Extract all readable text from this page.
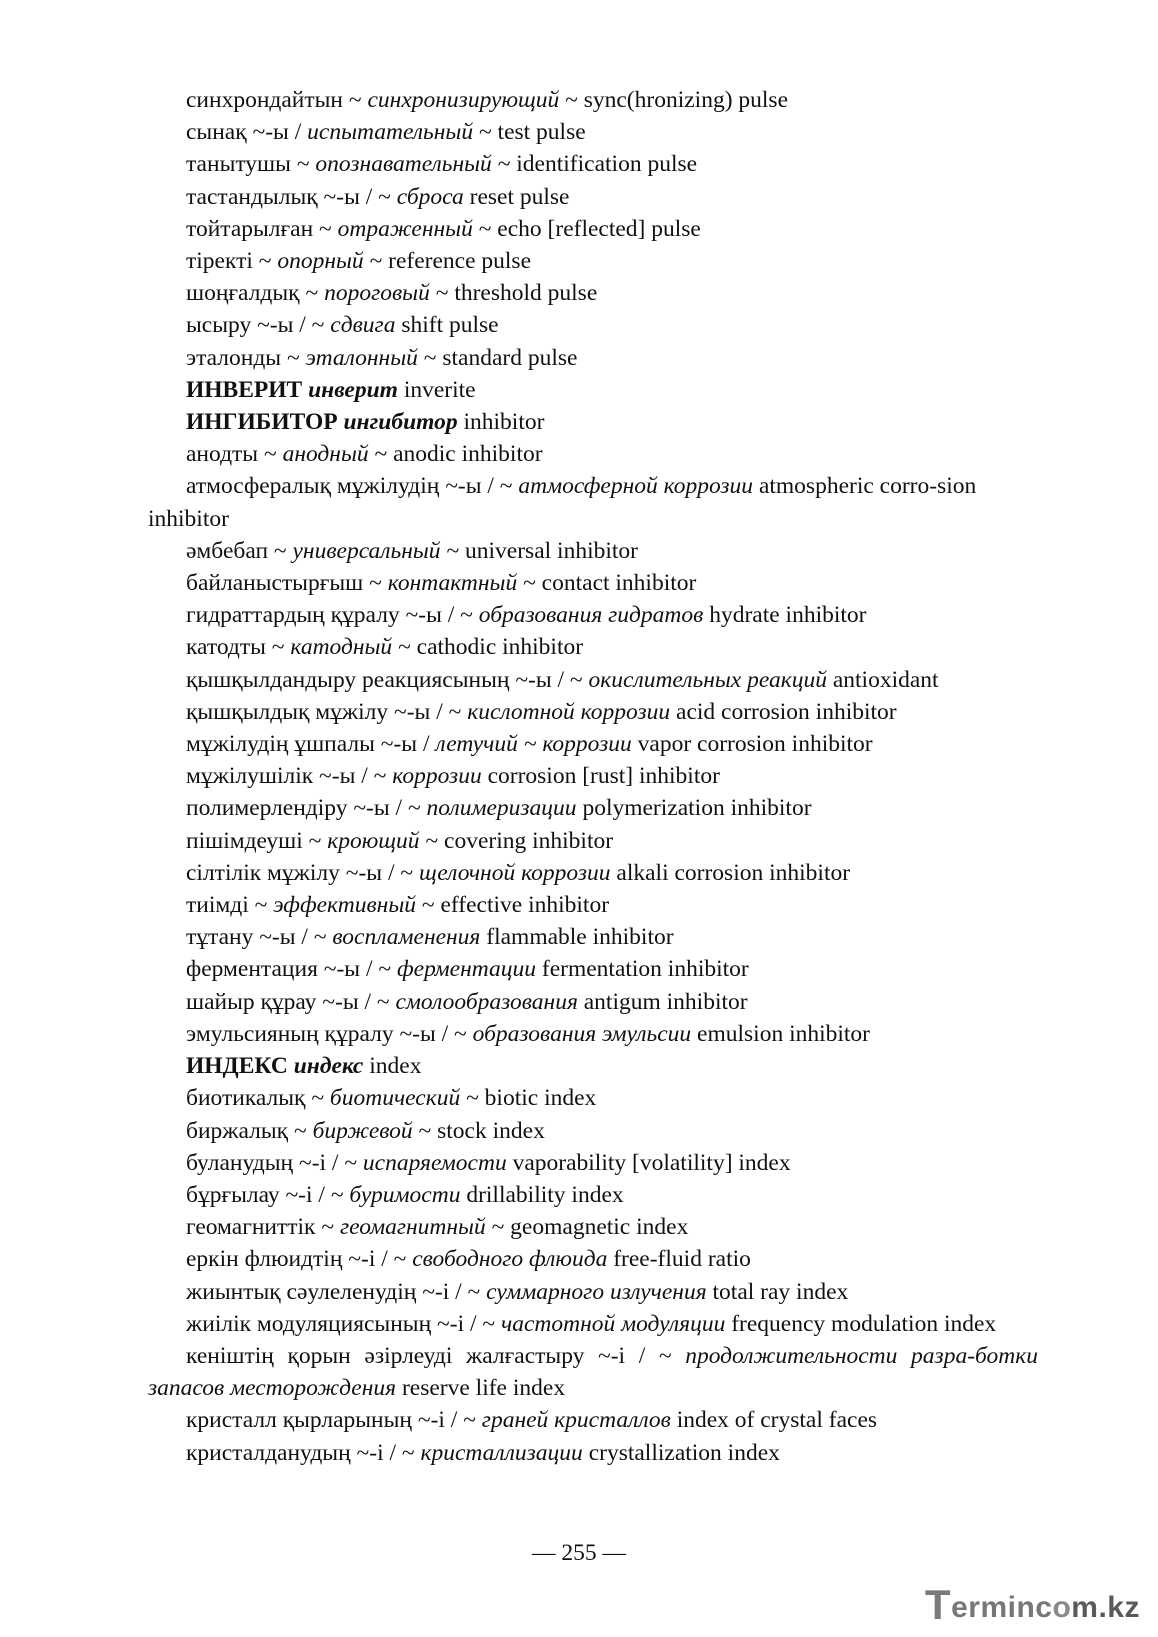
синхрондайтын ~ синхронизирующий ~ sync(hronizing) pulse

сынақ ~-ы / испытательный ~ test pulse

танытушы ~ опознавательный ~ identification pulse

тастандылық ~-ы / ~ сброса reset pulse

тойтарылған ~ отраженный ~ echo [reflected] pulse

тіректі ~ опорный ~ reference pulse

шоңғалдық ~ пороговый ~ threshold pulse

ысыру ~-ы / ~ сдвига shift pulse

эталонды ~ эталонный ~ standard pulse

ИНВЕРИТ инверит inverite

ИНГИБИТОР ингибитор inhibitor

анодты ~ анодный ~ anodic inhibitor

атмосфералық мұжілудің ~-ы / ~ атмосферной коррозии atmospheric corro-sion inhibitor

әмбебап ~ универсальный ~ universal inhibitor

байланыстырғыш ~ контактный ~ contact inhibitor

гидраттардың құралу ~-ы / ~ образования гидратов hydrate inhibitor

катодты ~ катодный ~ cathodic inhibitor

қышқылдандыру реакциясының ~-ы / ~ окислительных реакций antioxidant

қышқылдық мұжілу ~-ы / ~ кислотной коррозии acid corrosion inhibitor

мұжілудің ұшпалы ~-ы / летучий ~ коррозии vapor corrosion inhibitor

мұжілушілік ~-ы / ~ коррозии corrosion [rust] inhibitor

полимерлендіру ~-ы / ~ полимеризации polymerization inhibitor

пішімдеуші ~ кроющий ~ covering inhibitor

сілтілік мұжілу ~-ы / ~ щелочной коррозии alkali corrosion inhibitor

тиімді ~ эффективный ~ effective inhibitor

тұтану ~-ы / ~ воспламенения flammable inhibitor

ферментация ~-ы / ~ ферментации fermentation inhibitor

шайыр құрау ~-ы / ~ смолообразования antigum inhibitor

эмульсияның құралу ~-ы / ~ образования эмульсии emulsion inhibitor

ИНДЕКС индекс index

биотикалық ~ биотический ~ biotic index

биржалық ~ биржевой ~ stock index

буланудың ~-і / ~ испаряемости vaporability [volatility] index

бұрғылау ~-і / ~ буримости drillability index

геомагниттік ~ геомагнитный ~ geomagnetic index

еркін флюидтің ~-і / ~ свободного флюида free-fluid ratio

жиынтық сәулеленудің ~-і / ~ суммарного излучения total ray index

жиілік модуляциясының ~-і / ~ частотной модуляции frequency modulation index

кеніштің қорын әзірлеуді жалғастыру ~-і / ~ продолжительности разра-ботки запасов месторождения reserve life index

кристалл қырларының ~-і / ~ граней кристаллов index of crystal faces

кристалданудың ~-і / ~ кристаллизации crystallization index

— 255 —
T erminc o m.kz
